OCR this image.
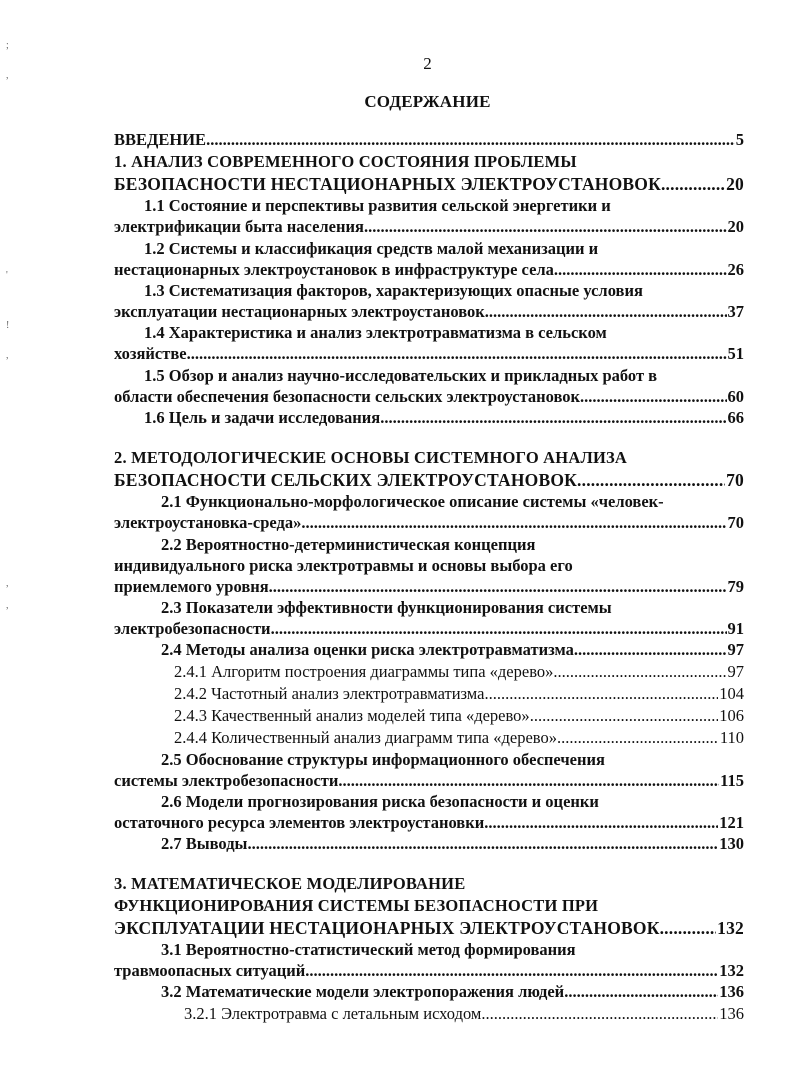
2
СОДЕРЖАНИЕ
ВВЕДЕНИЕ .....	5
1. АНАЛИЗ СОВРЕМЕННОГО СОСТОЯНИЯ ПРОБЛЕМЫ
БЕЗОПАСНОСТИ НЕСТАЦИОНАРНЫХ ЭЛЕКТРОУСТАНОВОК .....	20
1.1 Состояние и перспективы развития сельской энергетики и
электрификации быта населения .....	20
1.2 Системы и классификация средств малой механизации и
нестационарных электроустановок в инфраструктуре села .....	26
1.3 Систематизация факторов, характеризующих опасные условия
эксплуатации нестационарных электроустановок .....	37
1.4 Характеристика и анализ электротравматизма в сельском
хозяйстве .....	51
1.5 Обзор и анализ научно-исследовательских и прикладных работ в
области обеспечения безопасности сельских электроустановок .....	60
1.6 Цель и задачи исследования .....	66
2. МЕТОДОЛОГИЧЕСКИЕ ОСНОВЫ СИСТЕМНОГО АНАЛИЗА
БЕЗОПАСНОСТИ СЕЛЬСКИХ ЭЛЕКТРОУСТАНОВОК .....	70
2.1 Функционально-морфологическое описание системы «человек-
электроустановка-среда» .....	70
2.2 Вероятностно-детерминистическая концепция
индивидуального риска электротравмы и основы выбора его
приемлемого уровня .....	79
2.3 Показатели эффективности функционирования системы
электробезопасности .....	91
2.4 Методы анализа оценки риска электротравматизма .....	97
2.4.1 Алгоритм построения диаграммы типа «дерево» .....	97
2.4.2 Частотный анализ электротравматизма .....	104
2.4.3 Качественный анализ моделей типа «дерево» .....	106
2.4.4 Количественный анализ диаграмм типа «дерево» .....	110
2.5 Обоснование структуры информационного обеспечения
системы электробезопасности .....	115
2.6 Модели прогнозирования риска безопасности и оценки
остаточного ресурса элементов электроустановки .....	121
2.7 Выводы .....	130
3. МАТЕМАТИЧЕСКОЕ МОДЕЛИРОВАНИЕ
ФУНКЦИОНИРОВАНИЯ СИСТЕМЫ БЕЗОПАСНОСТИ ПРИ
ЭКСПЛУАТАЦИИ НЕСТАЦИОНАРНЫХ ЭЛЕКТРОУСТАНОВОК .....	132
3.1 Вероятностно-статистический метод формирования
травмоопасных ситуаций .....	132
3.2 Математические модели электропоражения людей .....	136
3.2.1 Электротравма с летальным исходом .....	136
;
,
'
!
,
,
,
